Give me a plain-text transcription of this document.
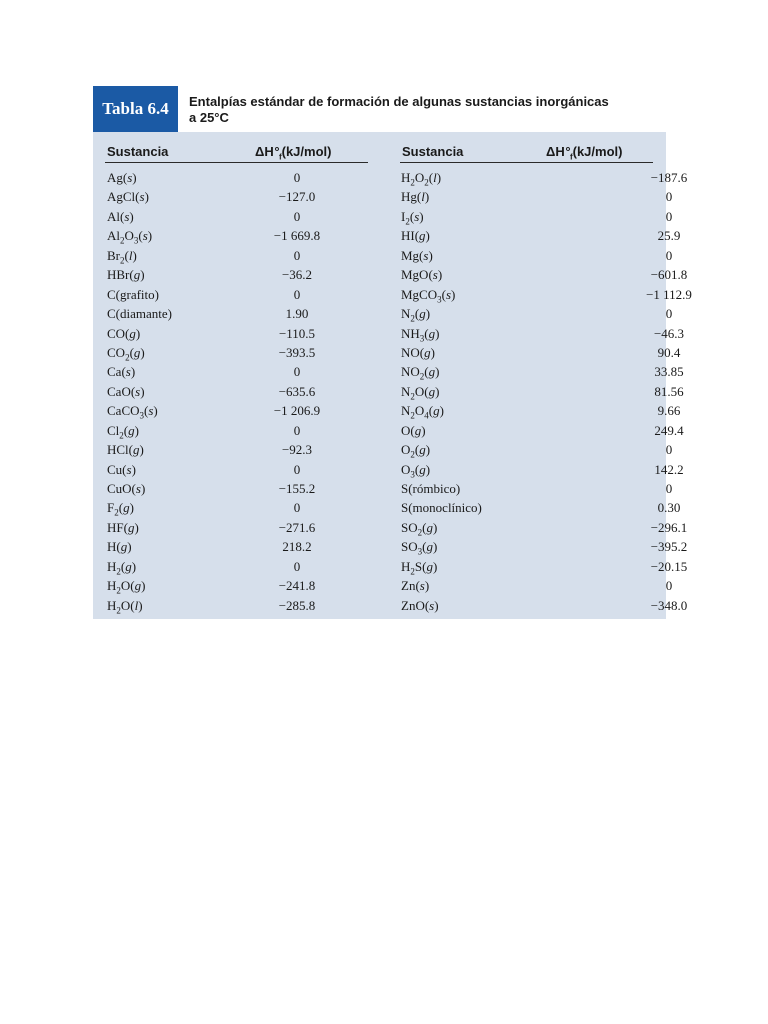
Tabla 6.4	Entalpías estándar de formación de algunas sustancias inorgánicas
a 25°C
Sustancia	$\Delta H^\circ_f(kJ/mol)$	Sustancia	$\Delta H^\circ_f(kJ/mol)$
Ag(s)	0
AgCl(s)	−127.0
Al(s)	0
$Al_2O_3(s)$	−1 669.8
$Br_2(l)$	0
HBr(g)	−36.2
C(grafito)	0
C(diamante)	1.90
CO(g)	−110.5
$CO_2(g)$	−393.5
Ca(s)	0
CaO(s)	−635.6
CaCO$_3$(s)	−1 206.9
$Cl_2(g)$	0
HCl(g)	−92.3
Cu(s)	0
CuO(s)	−155.2
$F_2(g)$	0
HF(g)	−271.6
H(g)	218.2
$H_2(g)$	0
$H_2O(g)$	−241.8
$H_2O(l)$	−285.8
$H_2O_2(l)$	−187.6
Hg(l)	0
$I_2(s)$	0
HI(g)	25.9
Mg(s)	0
MgO(s)	−601.8
MgCO$_3$(s)	−1 112.9
$N_2(g)$	0
$NH_3(g)$	−46.3
NO(g)	90.4
$NO_2(g)$	33.85
$N_2O(g)$	81.56
$N_2O_4(g)$	9.66
O(g)	249.4
$O_2(g)$	0
$O_3(g)$	142.2
S(rómbico)	0
S(monoclínico)	0.30
$SO_2(g)$	−296.1
$SO_3(g)$	−395.2
$H_2S(g)$	−20.15
Zn(s)	0
ZnO(s)	−348.0
